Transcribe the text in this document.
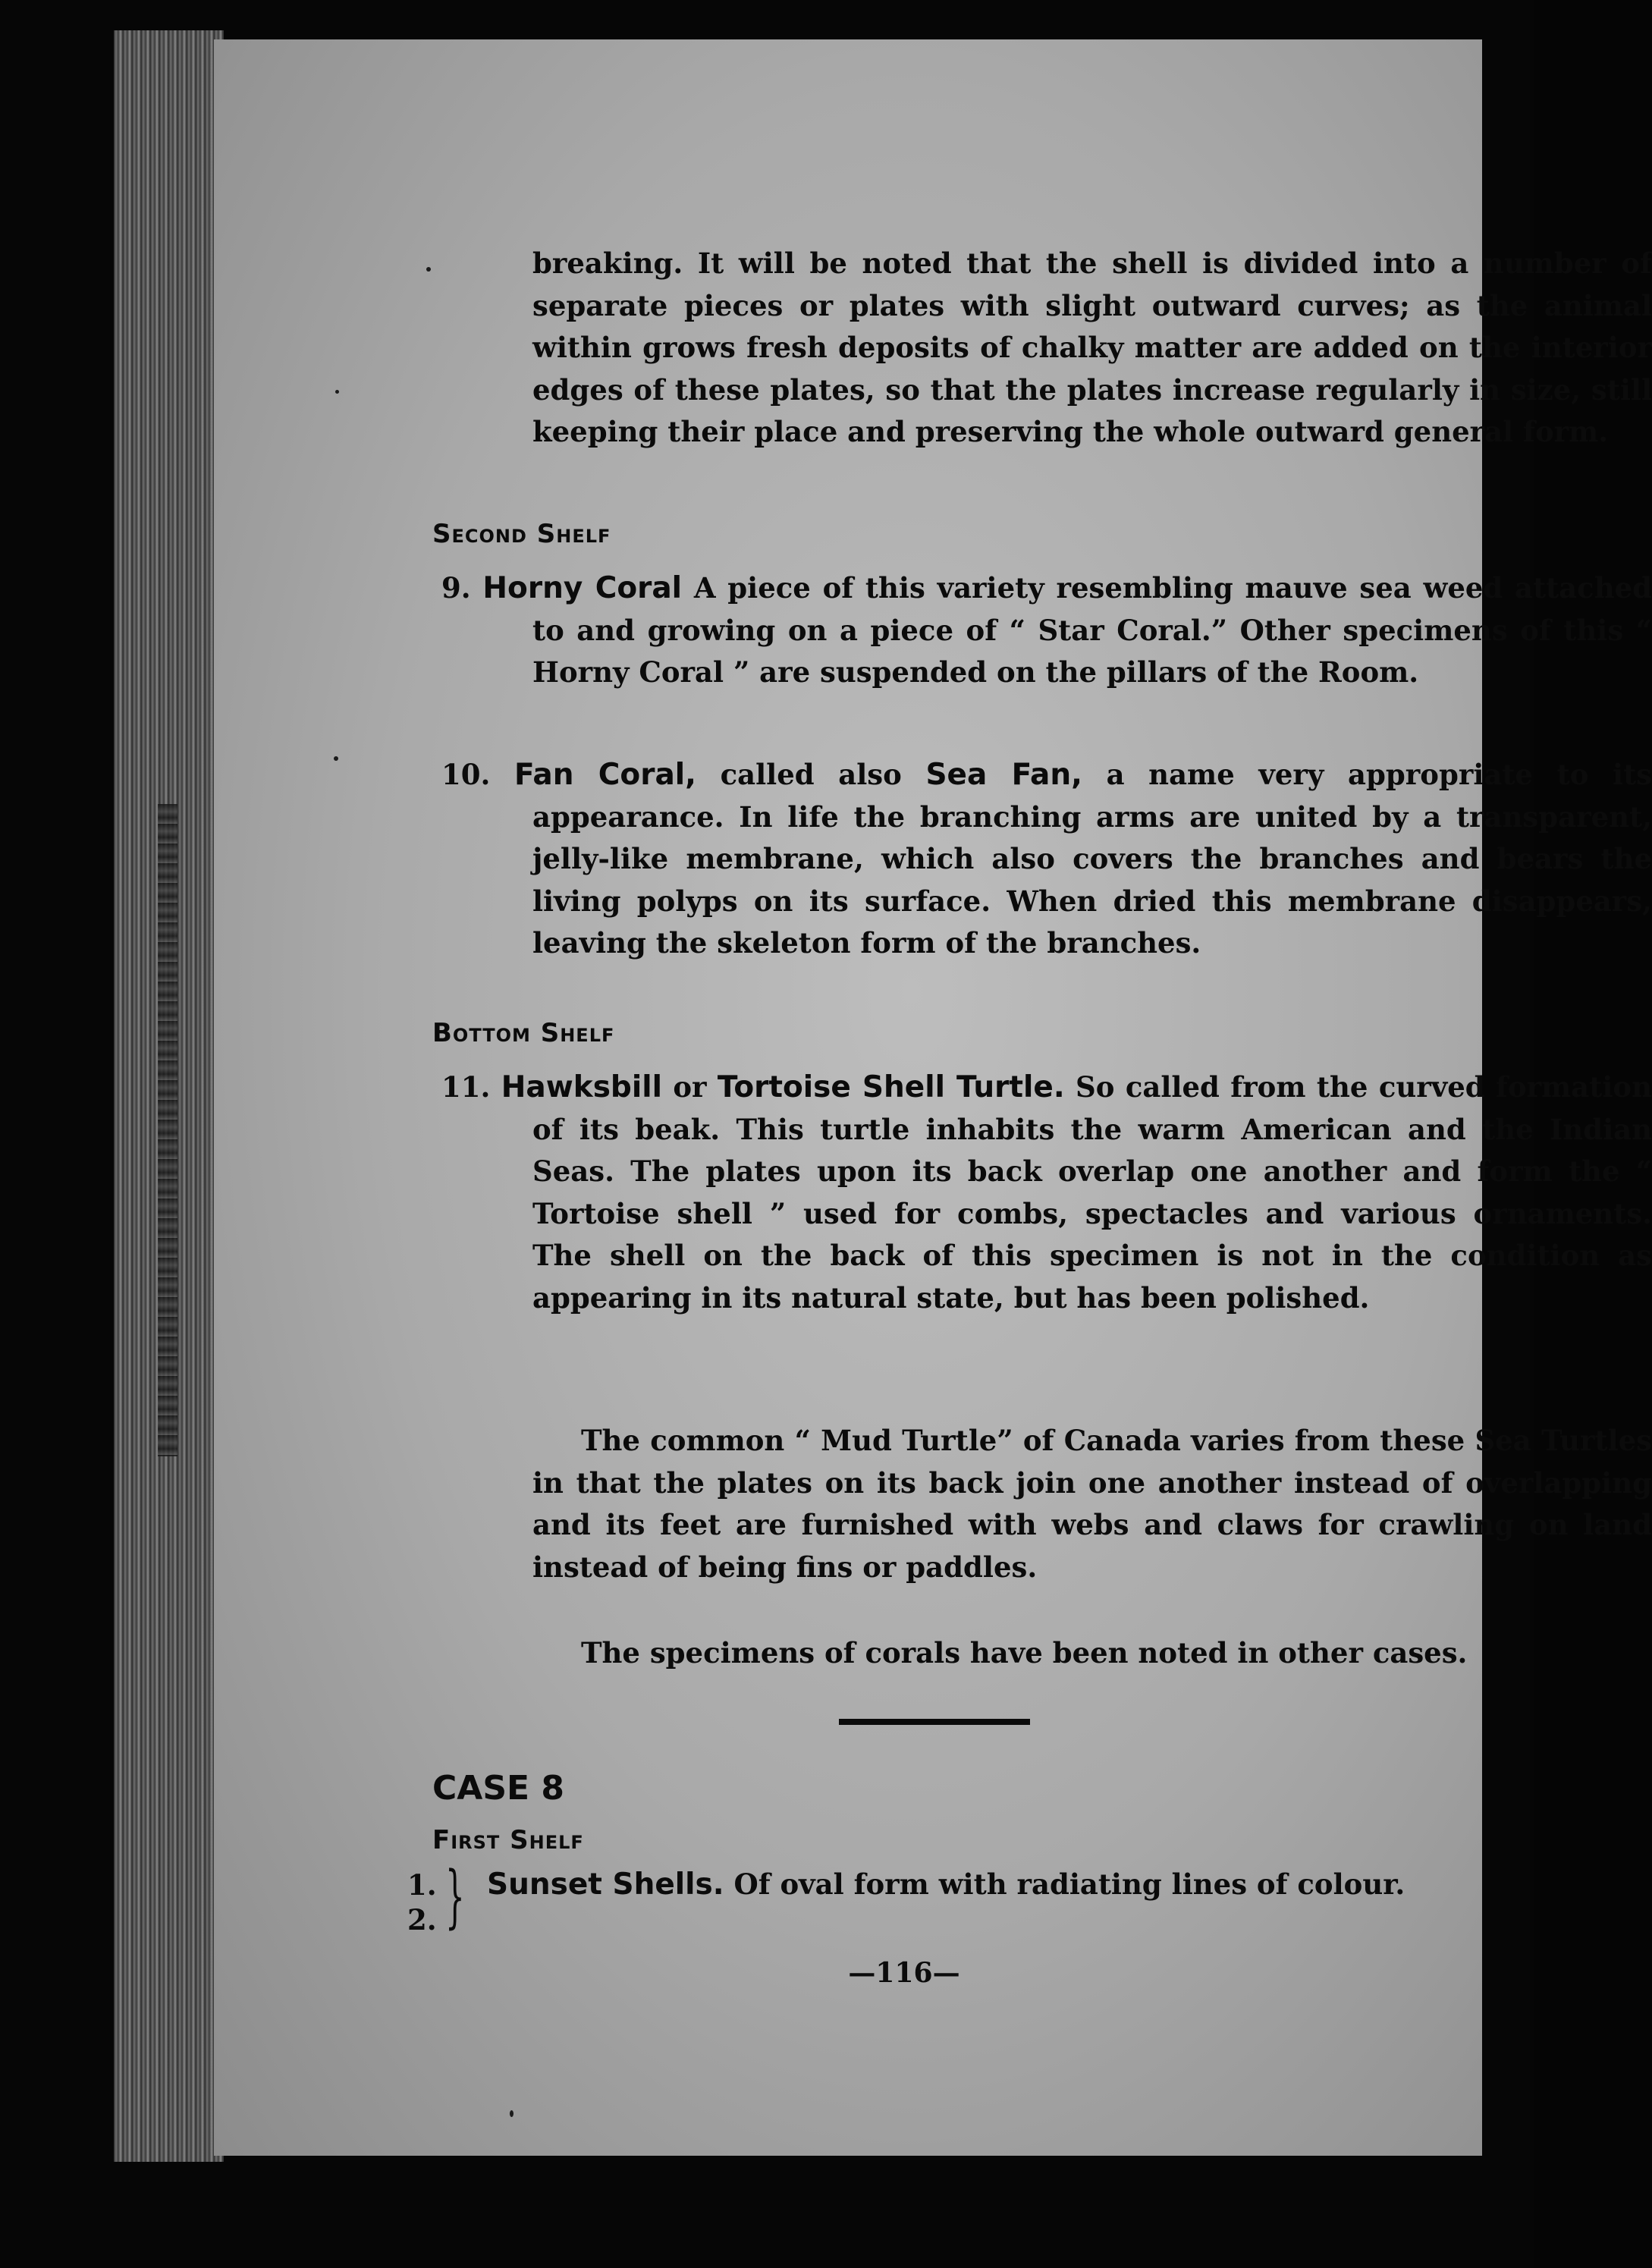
breaking. It will be noted that the shell is divided into a number of separate pieces or plates with slight outward curves; as the animal within grows fresh deposits of chalky matter are added on the interior edges of these plates, so that the plates increase regularly in size, still keeping their place and preserving the whole outward general form.

Second Shelf

9. Horny Coral A piece of this variety resembling mauve sea weed attached to and growing on a piece of “ Star Coral.” Other specimens of this “ Horny Coral ” are suspended on the pillars of the Room.

10. Fan Coral, called also Sea Fan, a name very appropriate to its appearance. In life the branching arms are united by a transparent, jelly-like membrane, which also covers the branches and bears the living polyps on its surface. When dried this membrane disappears, leaving the skeleton form of the branches.

Bottom Shelf

11. Hawksbill or Tortoise Shell Turtle. So called from the curved formation of its beak. This turtle inhabits the warm American and the Indian Seas. The plates upon its back overlap one another and form the “ Tortoise shell ” used for combs, spectacles and various ornaments. The shell on the back of this specimen is not in the condition as appearing in its natural state, but has been polished.

The common “ Mud Turtle” of Canada varies from these Sea Turtles in that the plates on its back join one another instead of overlapping and its feet are furnished with webs and claws for crawling on land instead of being fins or paddles.

The specimens of corals have been noted in other cases.

CASE 8
First Shelf
1.
2. } Sunset Shells. Of oval form with radiating lines of colour.

—116—
